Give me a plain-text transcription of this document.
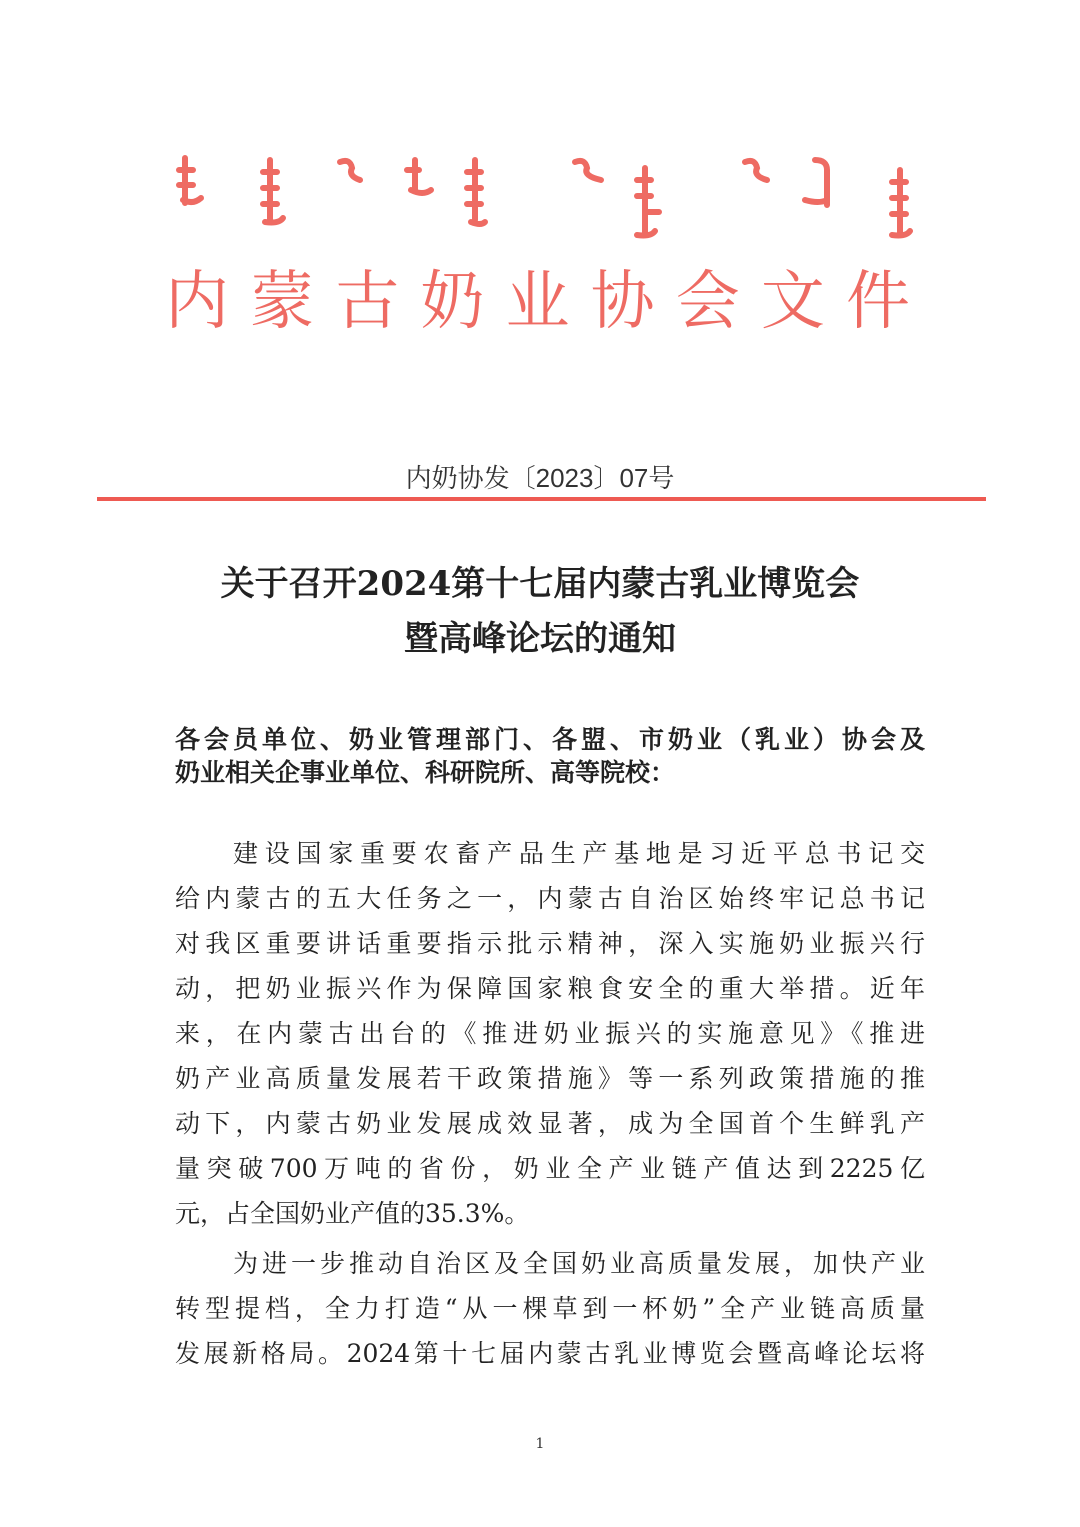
内蒙古奶业协会文件
内奶协发〔2023〕07号
关于召开2024第十七届内蒙古乳业博览会
暨高峰论坛的通知
各会员单位、奶业管理部门、各盟、市奶业（乳业）协会及
奶业相关企事业单位、科研院所、高等院校：
建设国家重要农畜产品生产基地是习近平总书记交
给内蒙古的五大任务之一，内蒙古自治区始终牢记总书记
对我区重要讲话重要指示批示精神，深入实施奶业振兴行
动，把奶业振兴作为保障国家粮食安全的重大举措。近年
来，在内蒙古出台的《推进奶业振兴的实施意见》《推进
奶产业高质量发展若干政策措施》等一系列政策措施的推
动下，内蒙古奶业发展成效显著，成为全国首个生鲜乳产
量突破700万吨的省份，奶业全产业链产值达到2225亿
元，占全国奶业产值的35.3%。
为进一步推动自治区及全国奶业高质量发展，加快产业
转型提档，全力打造“从一棵草到一杯奶”全产业链高质量
发展新格局。2024第十七届内蒙古乳业博览会暨高峰论坛将
1
